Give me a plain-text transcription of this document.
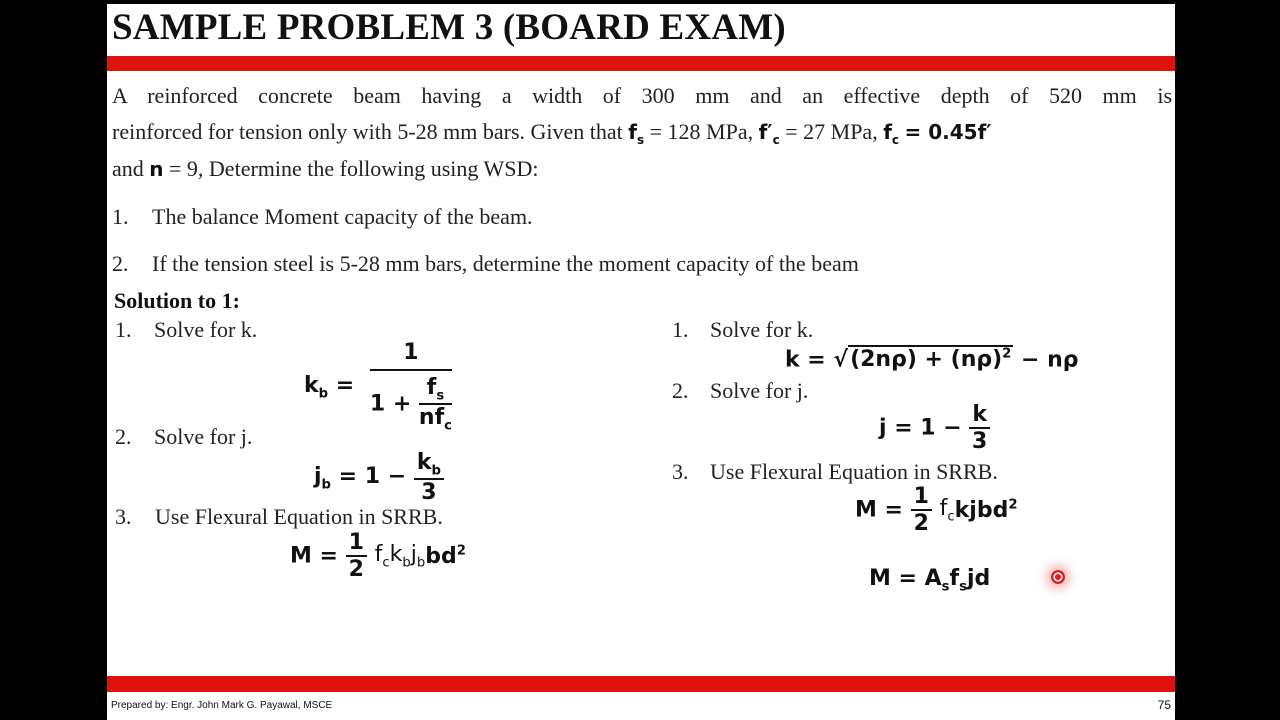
SAMPLE PROBLEM 3 (BOARD EXAM)
A reinforced concrete beam having a width of 300 mm and an effective depth of 520 mm is
reinforced for tension only with 5-28 mm bars. Given that $f_s = 128$ MPa, $f'_c = 27$ MPa, $f_c = 0.45f'$
and n = 9, Determine the following using WSD:
1. The balance Moment capacity of the beam.
2. If the tension steel is 5-28 mm bars, determine the moment capacity of the beam
Solution to 1:
1. Solve for k.
$k_b = \frac{1}{1 + \frac{f_s}{nf_c}}$
2. Solve for j.
$j_b = 1 - \frac{k_b}{3}$
3. Use Flexural Equation in SRRB.
$M = \frac{1}{2} f_ck_bj_bbd^2$
1. Solve for k.
$k = √(2n\rho) + (n\rho)^2 - n\rho$
2. Solve for j.
$j = 1 - \frac{k}{3}$
3. Use Flexural Equation in SRRB.
$M = \frac{1}{2}$ $f_ckjbd^2$
$M = A_sf_sjd$
Prepared by: Engr. John Mark G. Payawal, MSCE	75
